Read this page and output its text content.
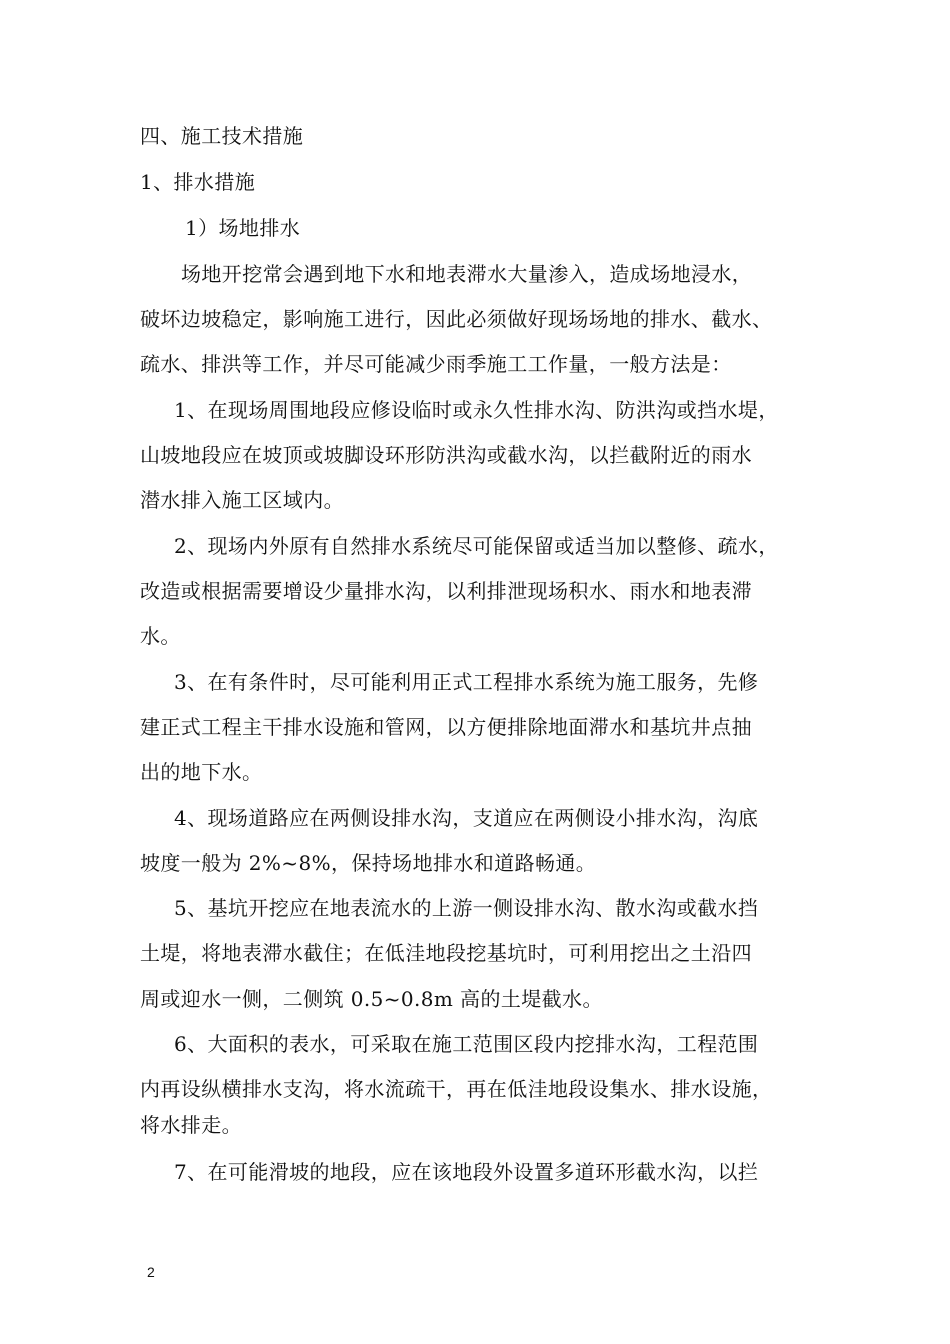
四、施工技术措施
1、排水措施
1）场地排水
场地开挖常会遇到地下水和地表滞水大量渗入，造成场地浸水，
破坏边坡稳定，影响施工进行，因此必须做好现场场地的排水、截水、
疏水、排洪等工作，并尽可能减少雨季施工工作量，一般方法是：
1、在现场周围地段应修设临时或永久性排水沟、防洪沟或挡水堤，
山坡地段应在坡顶或坡脚设环形防洪沟或截水沟，以拦截附近的雨水
潜水排入施工区域内。
2、现场内外原有自然排水系统尽可能保留或适当加以整修、疏水，
改造或根据需要增设少量排水沟，以利排泄现场积水、雨水和地表滞
水。
3、在有条件时，尽可能利用正式工程排水系统为施工服务，先修
建正式工程主干排水设施和管网，以方便排除地面滞水和基坑井点抽
出的地下水。
4、现场道路应在两侧设排水沟，支道应在两侧设小排水沟，沟底
坡度一般为 2%~8%，保持场地排水和道路畅通。
5、基坑开挖应在地表流水的上游一侧设排水沟、散水沟或截水挡
土堤，将地表滞水截住；在低洼地段挖基坑时，可利用挖出之土沿四
周或迎水一侧，二侧筑 0.5~0.8m 高的土堤截水。
6、大面积的表水，可采取在施工范围区段内挖排水沟，工程范围
内再设纵横排水支沟，将水流疏干，再在低洼地段设集水、排水设施，
将水排走。
7、在可能滑坡的地段，应在该地段外设置多道环形截水沟，以拦
2
